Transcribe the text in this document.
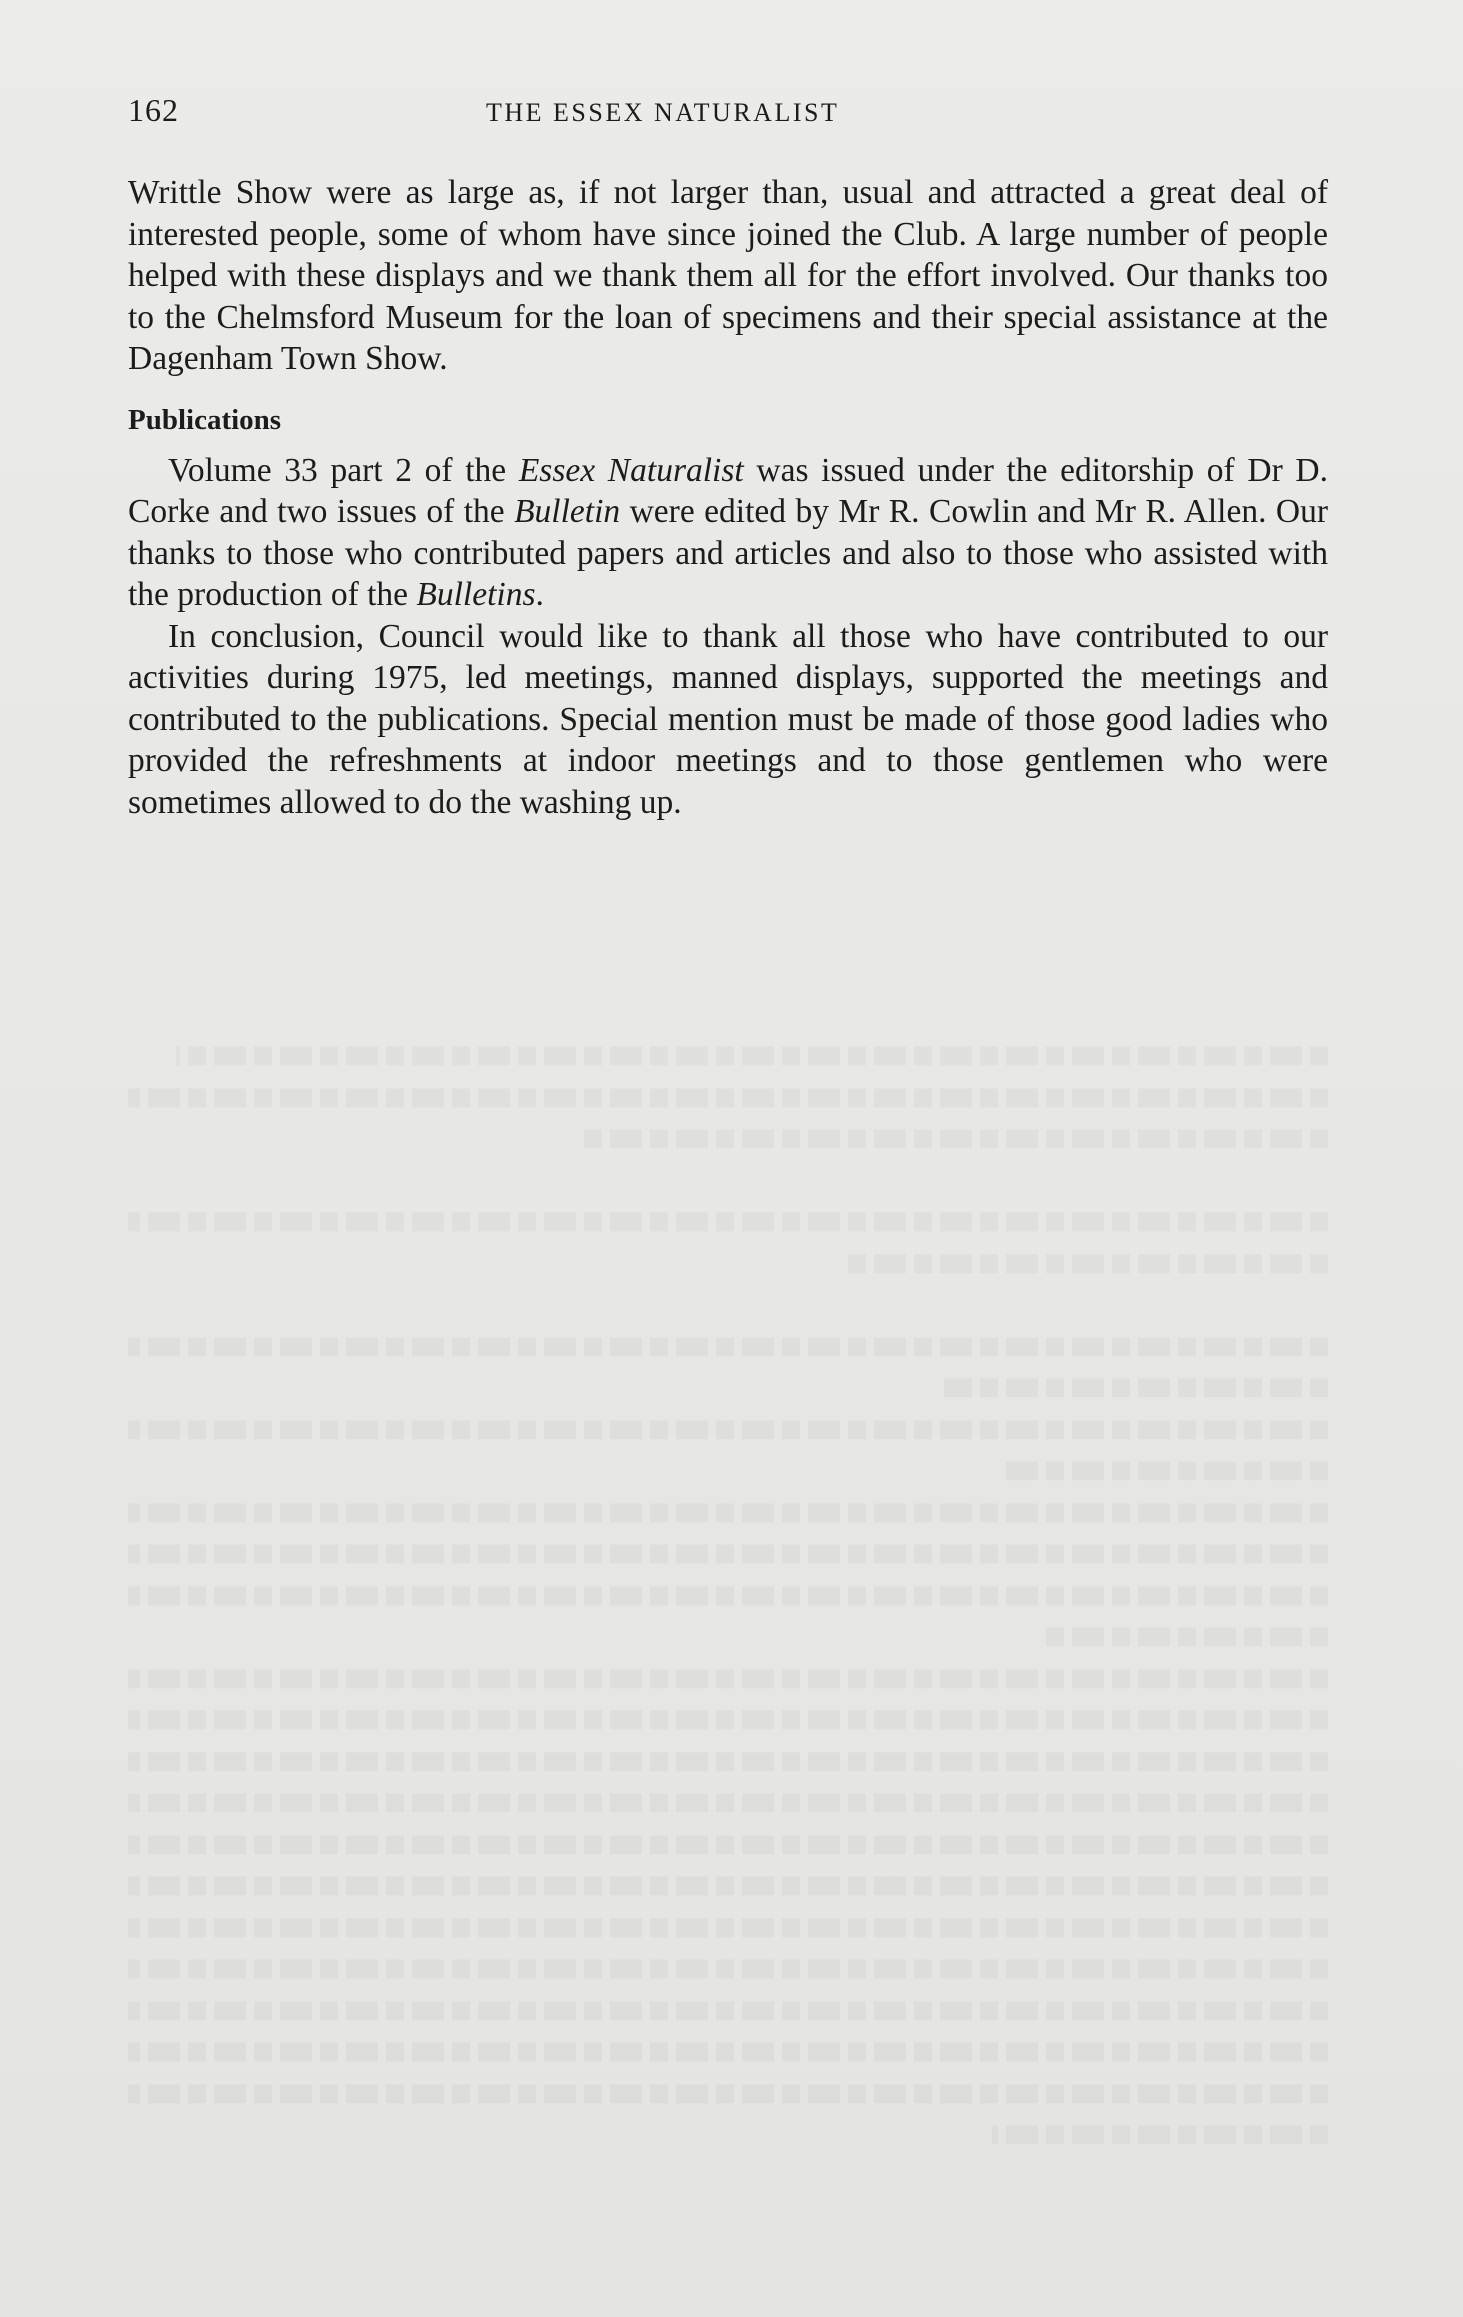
162	THE ESSEX NATURALIST

Writtle Show were as large as, if not larger than, usual and attracted a great deal of interested people, some of whom have since joined the Club. A large number of people helped with these displays and we thank them all for the effort involved. Our thanks too to the Chelmsford Museum for the loan of specimens and their special assistance at the Dagenham Town Show.

Publications

Volume 33 part 2 of the Essex Naturalist was issued under the editorship of Dr D. Corke and two issues of the Bulletin were edited by Mr R. Cowlin and Mr R. Allen. Our thanks to those who contributed papers and articles and also to those who assisted with the production of the Bulletins.

In conclusion, Council would like to thank all those who have contributed to our activities during 1975, led meetings, manned displays, supported the meetings and contributed to the publications. Special mention must be made of those good ladies who provided the refreshments at indoor meetings and to those gentlemen who were sometimes allowed to do the washing up.
